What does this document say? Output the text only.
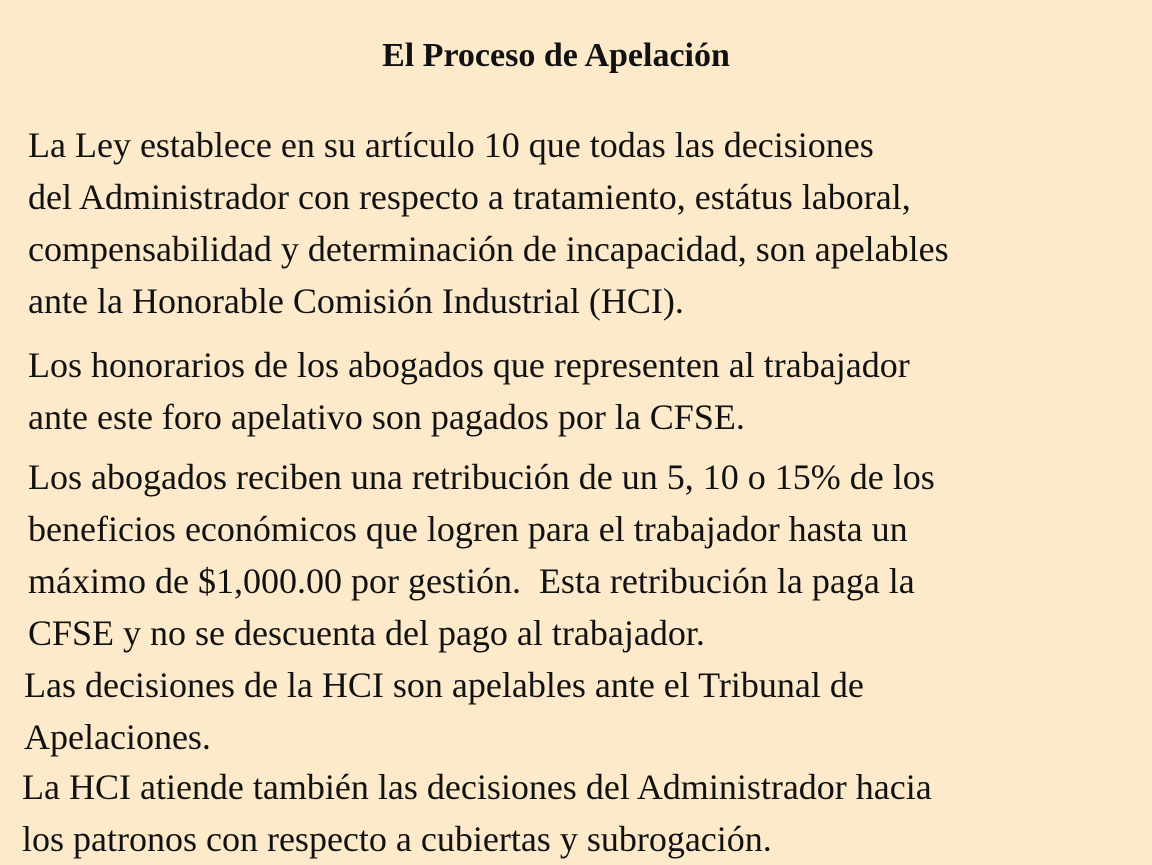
El Proceso de Apelación

La Ley establece en su artículo 10 que todas las decisiones
del Administrador con respecto a tratamiento, estátus laboral,
compensabilidad y determinación de incapacidad, son apelables
ante la Honorable Comisión Industrial (HCI).

Los honorarios de los abogados que representen al trabajador
ante este foro apelativo son pagados por la CFSE.

Los abogados reciben una retribución de un 5, 10 o 15% de los
beneficios económicos que logren para el trabajador hasta un
máximo de $1,000.00 por gestión.  Esta retribución la paga la
CFSE y no se descuenta del pago al trabajador.

Las decisiones de la HCI son apelables ante el Tribunal de
Apelaciones.

La HCI atiende también las decisiones del Administrador hacia
los patronos con respecto a cubiertas y subrogación.
